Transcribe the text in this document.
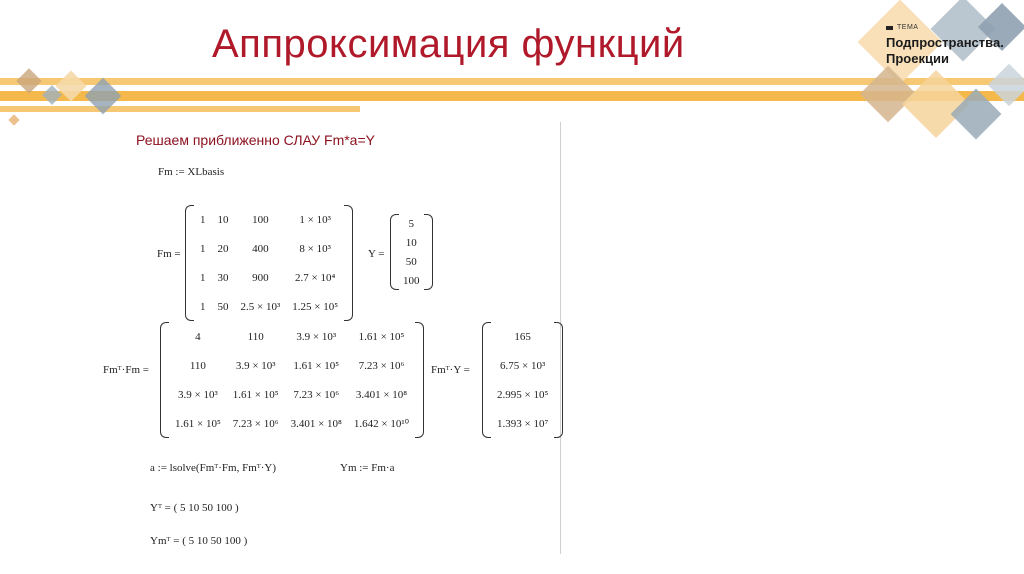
Аппроксимация функций	ТЕМА
Подпространства. Проекции
Решаем приближенно СЛАУ Fm*a=Y
Fm := XLbasis
Fm =
1	10	100	1 × 10³
1	20	400	8 × 10³
1	30	900	2.7 × 10⁴
1	50	2.5 × 10³	1.25 × 10⁵
Y =
5
10
50
100
Fmᵀ·Fm =
4	110	3.9 × 10³	1.61 × 10⁵
110	3.9 × 10³	1.61 × 10⁵	7.23 × 10⁶
3.9 × 10³	1.61 × 10⁵	7.23 × 10⁶	3.401 × 10⁸
1.61 × 10⁵	7.23 × 10⁶	3.401 × 10⁸	1.642 × 10¹⁰
Fmᵀ·Y =
165
6.75 × 10³
2.995 × 10⁵
1.393 × 10⁷
a := lsolve(Fmᵀ·Fm, Fmᵀ·Y)	Ym := Fm·a
Yᵀ = ( 5 10 50 100 )
Ymᵀ = ( 5 10 50 100 )
